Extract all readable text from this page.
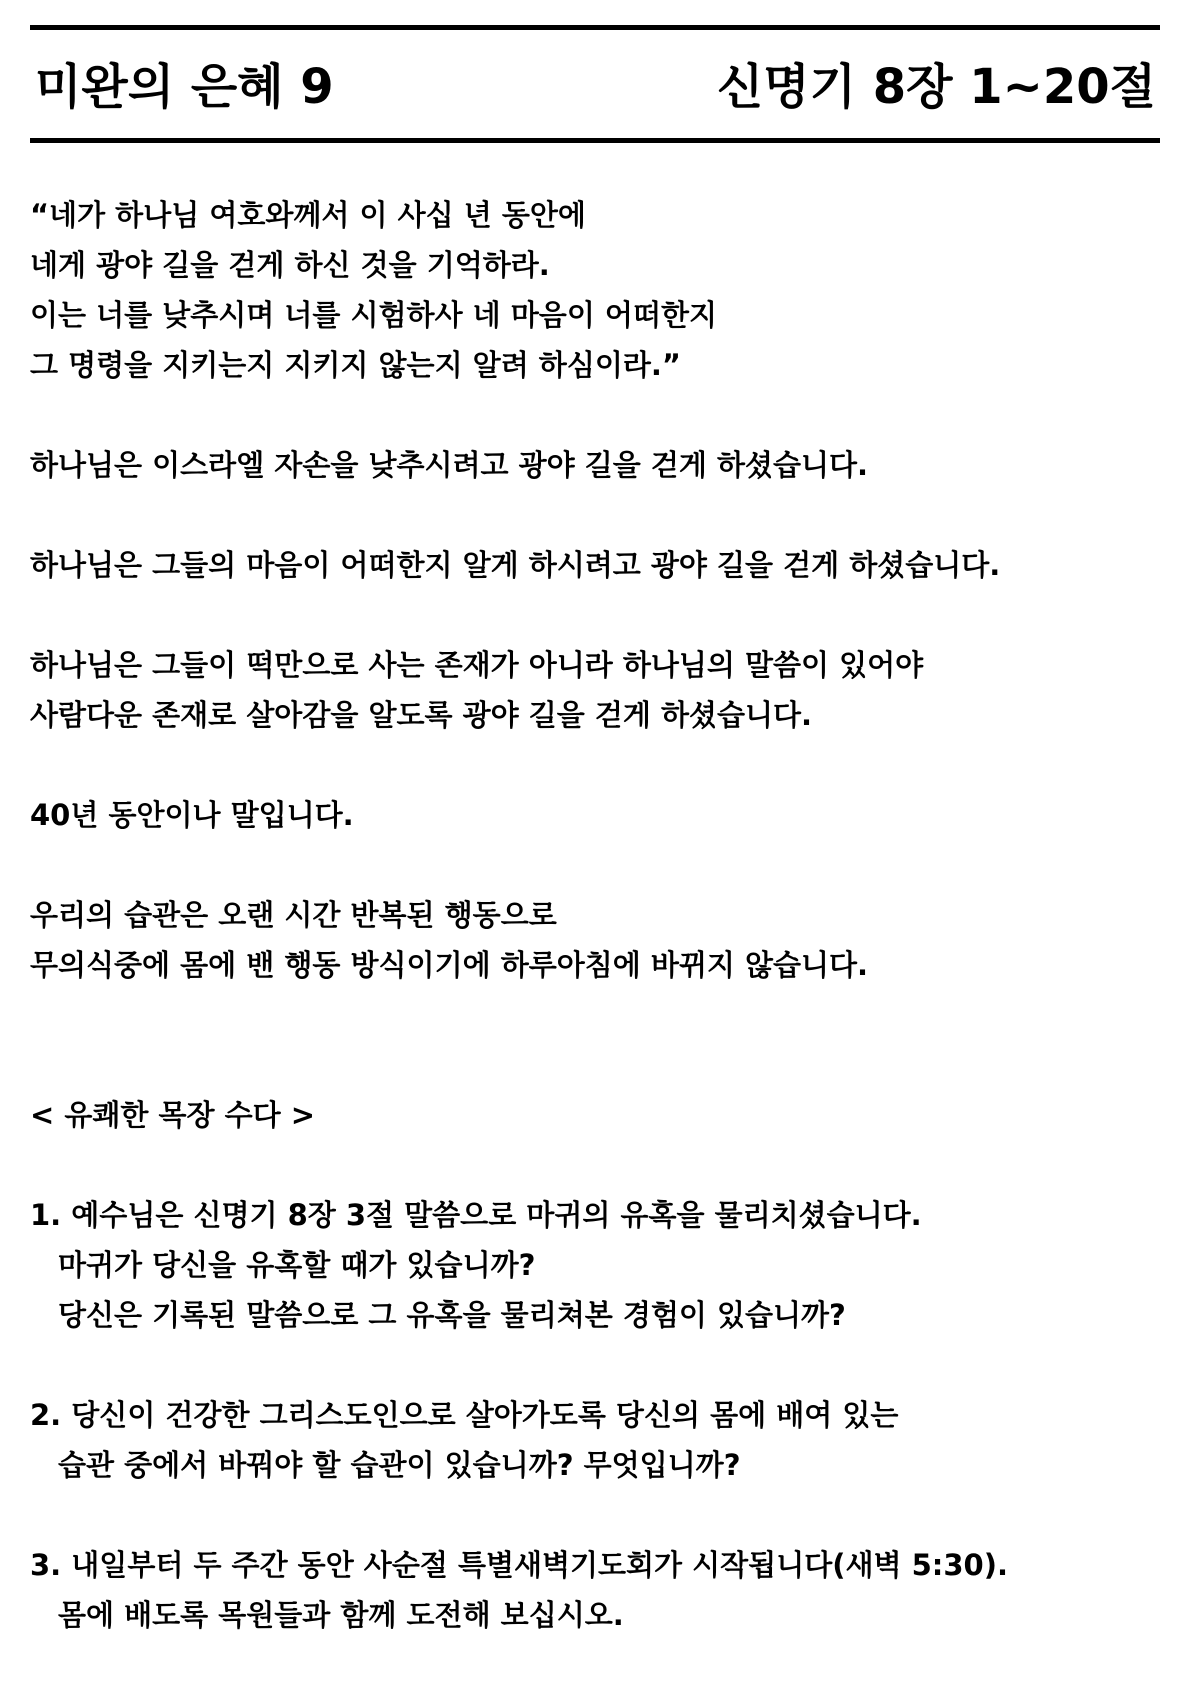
미완의 은혜 9	신명기 8장 1~20절
“네가 하나님 여호와께서 이 사십 년 동안에
네게 광야 길을 걷게 하신 것을 기억하라.
이는 너를 낮추시며 너를 시험하사 네 마음이 어떠한지
그 명령을 지키는지 지키지 않는지 알려 하심이라.”
하나님은 이스라엘 자손을 낮추시려고 광야 길을 걷게 하셨습니다.
하나님은 그들의 마음이 어떠한지 알게 하시려고 광야 길을 걷게 하셨습니다.
하나님은 그들이 떡만으로 사는 존재가 아니라 하나님의 말씀이 있어야
사람다운 존재로 살아감을 알도록 광야 길을 걷게 하셨습니다.
40년 동안이나 말입니다.
우리의 습관은 오랜 시간 반복된 행동으로
무의식중에 몸에 밴 행동 방식이기에 하루아침에 바뀌지 않습니다.
< 유쾌한 목장 수다 >
1. 예수님은 신명기 8장 3절 말씀으로 마귀의 유혹을 물리치셨습니다.
마귀가 당신을 유혹할 때가 있습니까?
당신은 기록된 말씀으로 그 유혹을 물리쳐본 경험이 있습니까?
2. 당신이 건강한 그리스도인으로 살아가도록 당신의 몸에 배여 있는
습관 중에서 바꿔야 할 습관이 있습니까? 무엇입니까?
3. 내일부터 두 주간 동안 사순절 특별새벽기도회가 시작됩니다(새벽 5:30).
몸에 배도록 목원들과 함께 도전해 보십시오.
